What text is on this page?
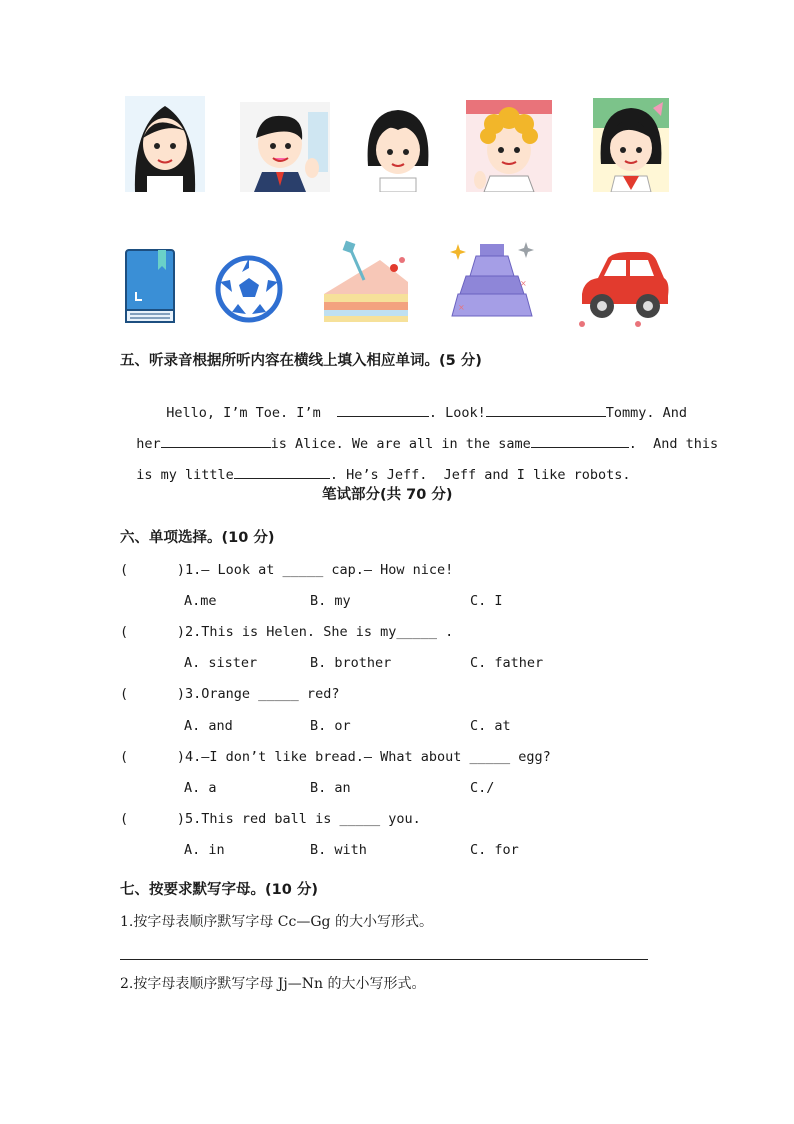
×
×
五、听录音根据所听内容在横线上填入相应单词。(5 分)

Hello, I’m Toe. I’m	. Look!	Tommy. And

her	is Alice. We are all in the same	.  And this

is my little	. He’s Jeff.  Jeff and I like robots.

笔试部分(共 70 分)
六、单项选择。(10 分)
(      )1.— Look at _____ cap.— How nice!
A.me	B. my	C. I
(      )2.This is Helen. She is my_____ .
A. sister	B. brother	C. father
(      )3.Orange _____ red?
A. and	B. or	C. at
(      )4.—I don’t like bread.— What about _____ egg?
A. a	B. an	C./
(      )5.This red ball is _____ you.
A. in	B. with	C. for
七、按要求默写字母。(10 分)
1.按字母表顺序默写字母 Cc—Gg 的大小写形式。
2.按字母表顺序默写字母 Jj—Nn 的大小写形式。
